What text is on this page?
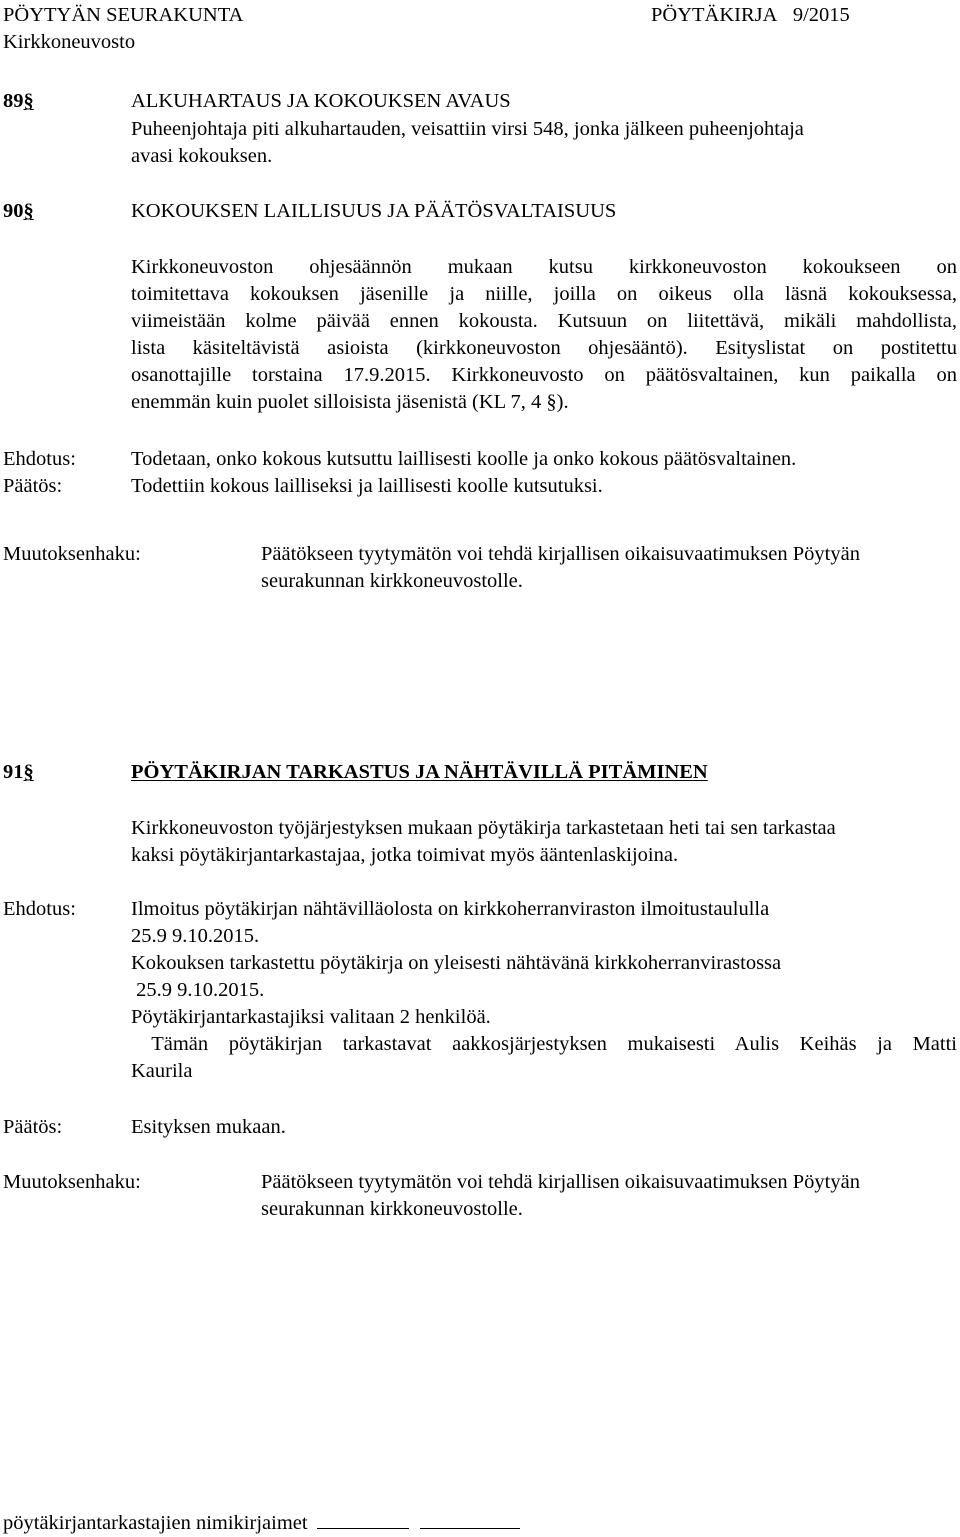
PÖYTYÄN SEURAKUNTA	PÖYTÄKIRJA 9/2015
Kirkkoneuvosto
89§	ALKUHARTAUS JA KOKOUKSEN AVAUS
Puheenjohtaja piti alkuhartauden, veisattiin virsi 548, jonka jälkeen puheenjohtaja
avasi kokouksen.
90§	KOKOUKSEN LAILLISUUS JA PÄÄTÖSVALTAISUUS
Kirkkoneuvoston ohjesäännön mukaan kutsu kirkkoneuvoston kokoukseen on
toimitettava kokouksen jäsenille ja niille, joilla on oikeus olla läsnä kokouksessa,
viimeistään kolme päivää ennen kokousta. Kutsuun on liitettävä, mikäli mahdollista,
lista käsiteltävistä asioista (kirkkoneuvoston ohjesääntö). Esityslistat on postitettu
osanottajille torstaina 17.9.2015. Kirkkoneuvosto on päätösvaltainen, kun paikalla on
enemmän kuin puolet silloisista jäsenistä (KL 7, 4 §).
Ehdotus:	Todetaan, onko kokous kutsuttu laillisesti koolle ja onko kokous päätösvaltainen.
Päätös:	Todettiin kokous lailliseksi ja laillisesti koolle kutsutuksi.
Muutoksenhaku:	Päätökseen tyytymätön voi tehdä kirjallisen oikaisuvaatimuksen Pöytyän
seurakunnan kirkkoneuvostolle.
91§	PÖYTÄKIRJAN TARKASTUS JA NÄHTÄVILLÄ PITÄMINEN
Kirkkoneuvoston työjärjestyksen mukaan pöytäkirja tarkastetaan heti tai sen tarkastaa
kaksi pöytäkirjantarkastajaa, jotka toimivat myös ääntenlaskijoina.
Ehdotus:	Ilmoitus pöytäkirjan nähtävilläolosta on kirkkoherranviraston ilmoitustaululla
25.9 9.10.2015.
Kokouksen tarkastettu pöytäkirja on yleisesti nähtävänä kirkkoherranvirastossa
25.9 9.10.2015.
Pöytäkirjantarkastajiksi valitaan 2 henkilöä.
Tämän pöytäkirjan tarkastavat aakkosjärjestyksen mukaisesti Aulis Keihäs ja Matti
Kaurila
Päätös:	Esityksen mukaan.
Muutoksenhaku:	Päätökseen tyytymätön voi tehdä kirjallisen oikaisuvaatimuksen Pöytyän
seurakunnan kirkkoneuvostolle.
pöytäkirjantarkastajien nimikirjaimet
